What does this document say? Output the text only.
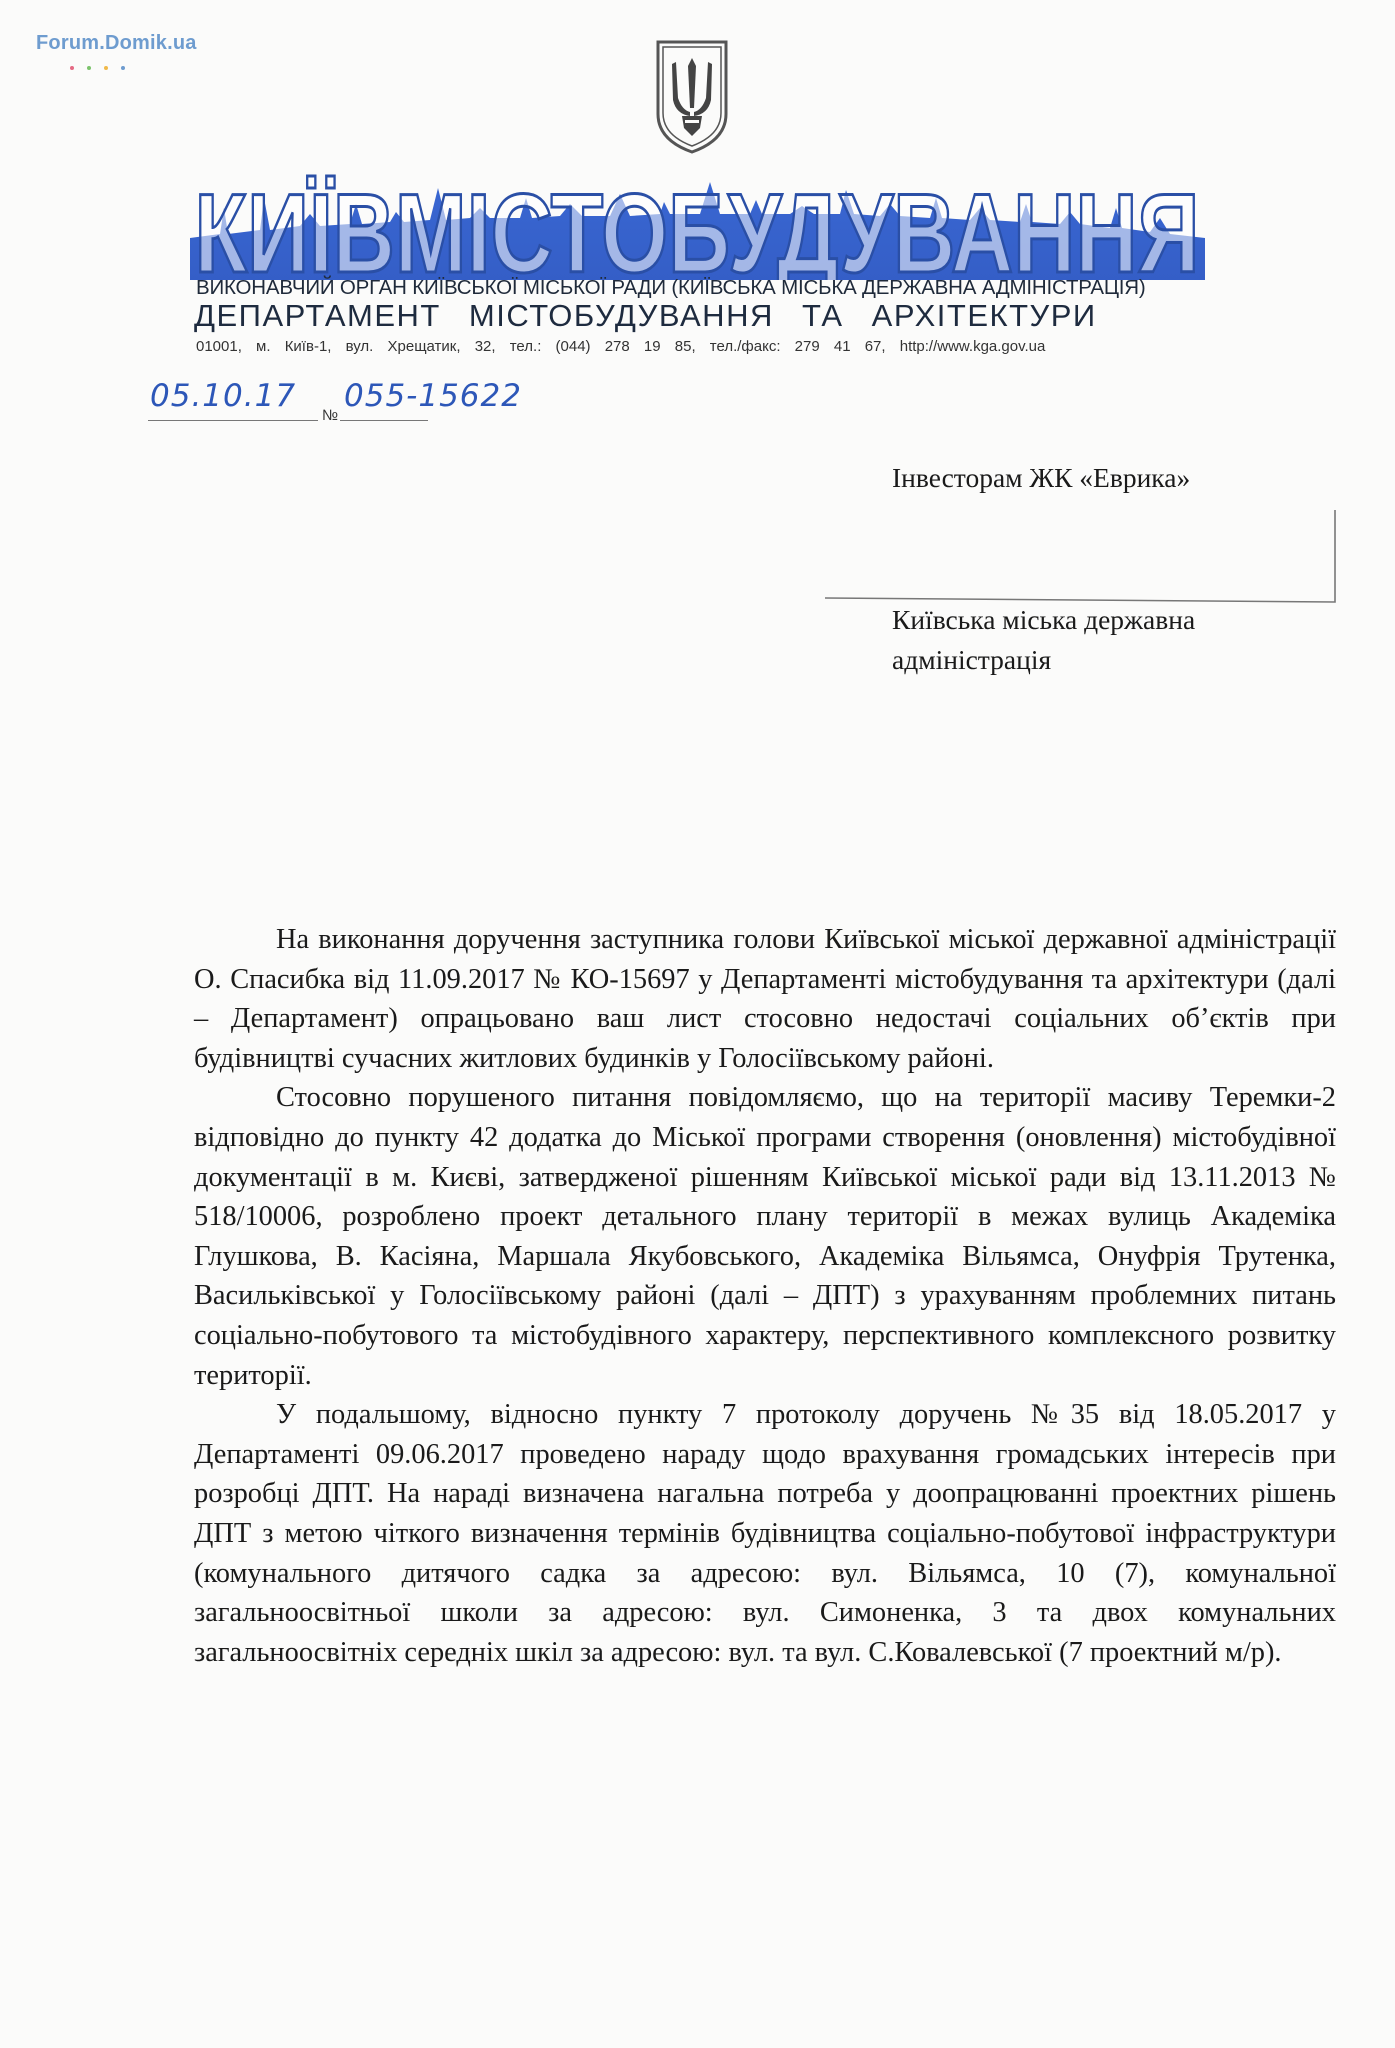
Forum.Domik.ua

КИЇВМІСТОБУДУВАННЯ
ВИКОНАВЧИЙ ОРГАН КИЇВСЬКОЇ МІСЬКОЇ РАДИ (КИЇВСЬКА МІСЬКА ДЕРЖАВНА АДМІНІСТРАЦІЯ)
ДЕПАРТАМЕНТ МІСТОБУДУВАННЯ ТА АРХІТЕКТУРИ
01001, м. Київ-1, вул. Хрещатик, 32, тел.: (044) 278 19 85, тел./факс: 279 41 67, http://www.kga.gov.ua
05.10.17
№
055-15622
Інвесторам ЖК «Еврика»
Київська міська державна адміністрація

На виконання доручення заступника голови Київської міської державної адміністрації О. Спасибка від 11.09.2017 № КО-15697 у Департаменті містобудування та архітектури (далі – Департамент) опрацьовано ваш лист стосовно недостачі соціальних об’єктів при будівництві сучасних житлових будинків у Голосіївському районі.

Стосовно порушеного питання повідомляємо, що на території масиву Теремки-2 відповідно до пункту 42 додатка до Міської програми створення (оновлення) містобудівної документації в м. Києві, затвердженої рішенням Київської міської ради від 13.11.2013 № 518/10006, розроблено проект детального плану території в межах вулиць Академіка Глушкова, В. Касіяна, Маршала Якубовського, Академіка Вільямса, Онуфрія Трутенка, Васильківської у Голосіївському районі (далі – ДПТ) з урахуванням проблемних питань соціально-побутового та містобудівного характеру, перспективного комплексного розвитку території.

У подальшому, відносно пункту 7 протоколу доручень №35 від 18.05.2017 у Департаменті 09.06.2017 проведено нараду щодо врахування громадських інтересів при розробці ДПТ. На нараді визначена нагальна потреба у доопрацюванні проектних рішень ДПТ з метою чіткого визначення термінів будівництва соціально-побутової інфраструктури (комунального дитячого садка за адресою: вул. Вільямса, 10 (7), комунальної загальноосвітньої школи за адресою: вул. Симоненка, 3 та двох комунальних загальноосвітніх середніх шкіл за адресою: вул. та вул. С.Ковалевської (7 проектний м/р).
